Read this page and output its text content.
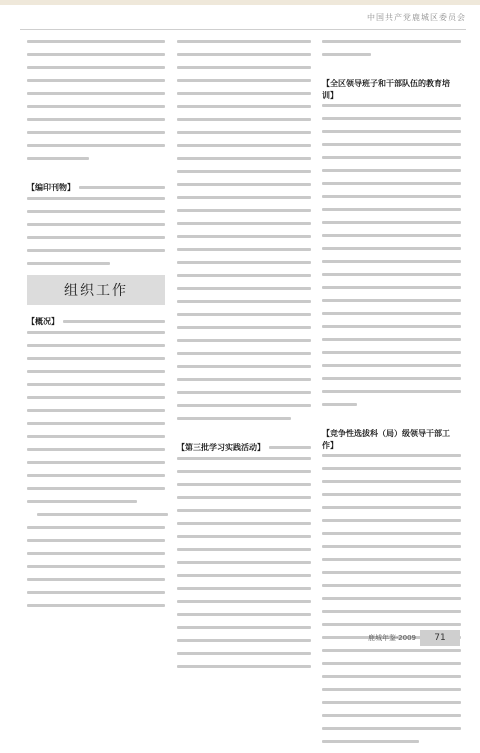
中国共产党鹿城区委员会
【编印刊物】
组织工作
【概况】
【第三批学习实践活动】
【全区领导班子和干部队伍的教育培训】
【竞争性选拔科（局）级领导干部工作】
鹿城年鉴·2009 71
